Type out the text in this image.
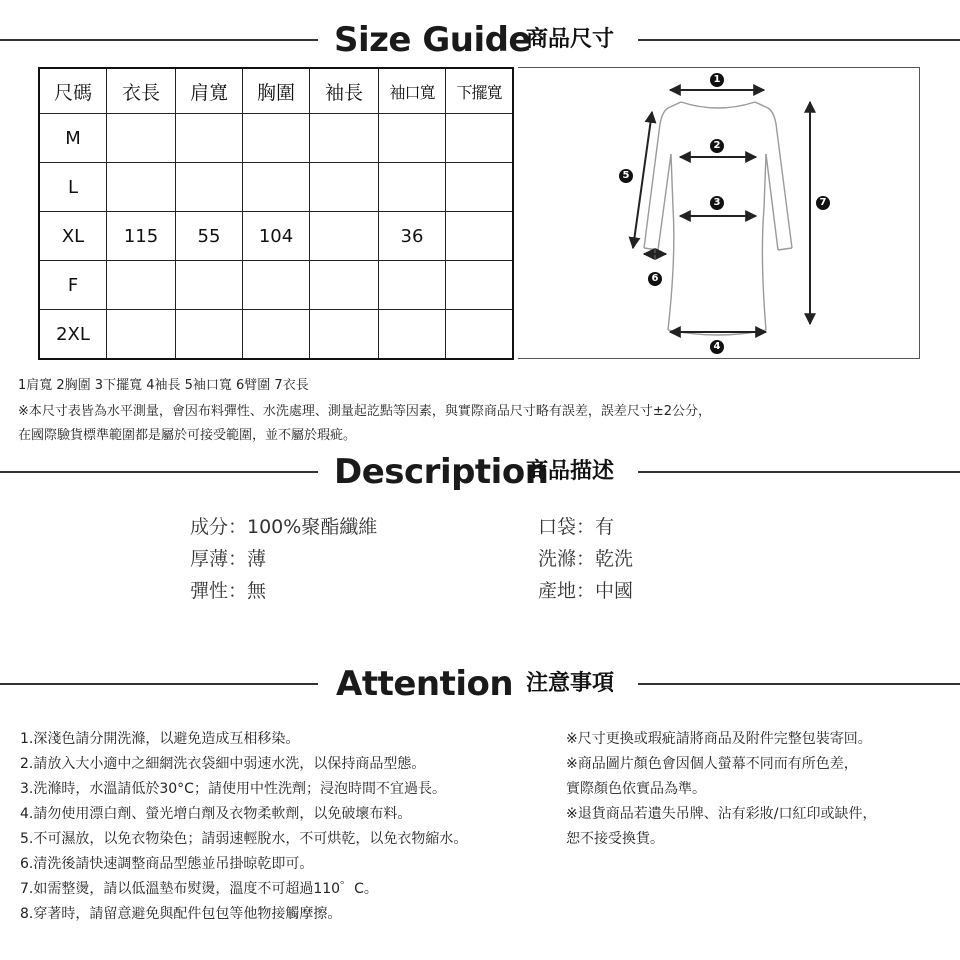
Size Guide
商品尺寸
尺碼	衣長	肩寬	胸圍	袖長	袖口寬	下擺寬
M						
L						
XL	115	55	104		36	
F						
2XL						
1
2
3
4
5
6
7
1肩寬 2胸圍 3下擺寬 4袖長 5袖口寬 6臂圍 7衣長
※本尺寸表皆為水平測量，會因布料彈性、水洗處理、測量起訖點等因素，與實際商品尺寸略有誤差，誤差尺寸±2公分，
在國際驗貨標準範圍都是屬於可接受範圍，並不屬於瑕疵。
Description
商品描述
成分：100%聚酯纖維
厚薄：薄
彈性：無
口袋：有
洗滌：乾洗
產地：中國
Attention 注意事項
1.深淺色請分開洗滌，以避免造成互相移染。
2.請放入大小適中之細網洗衣袋細中弱速水洗，以保持商品型態。
3.洗滌時，水溫請低於30°C；請使用中性洗劑；浸泡時間不宜過長。
4.請勿使用漂白劑、螢光增白劑及衣物柔軟劑，以免破壞布料。
5.不可濕放，以免衣物染色；請弱速輕脫水，不可烘乾，以免衣物縮水。
6.清洗後請快速調整商品型態並吊掛晾乾即可。
7.如需整燙，請以低溫墊布熨燙，溫度不可超過110゜C。
8.穿著時，請留意避免與配件包包等他物接觸摩擦。
※尺寸更換或瑕疵請將商品及附件完整包裝寄回。
※商品圖片顏色會因個人螢幕不同而有所色差，
實際顏色依實品為準。
※退貨商品若遺失吊牌、沾有彩妝/口紅印或缺件，
恕不接受換貨。
